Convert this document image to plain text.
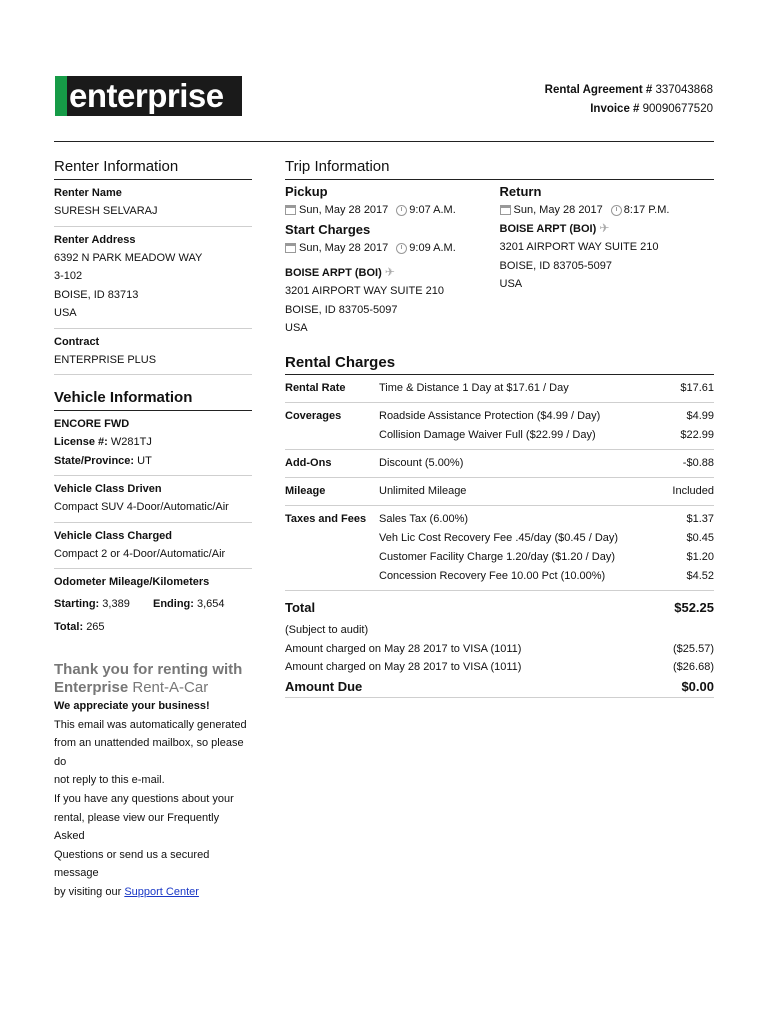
enterprise	Rental Agreement # 337043868
Invoice # 90090677520
Renter Information
Renter Name
SURESH SELVARAJ
Renter Address
6392 N PARK MEADOW WAY
3-102
BOISE, ID 83713
USA
Contract
ENTERPRISE PLUS
Vehicle Information
ENCORE FWD
License #: W281TJ
State/Province: UT
Vehicle Class Driven
Compact SUV 4-Door/Automatic/Air
Vehicle Class Charged
Compact 2 or 4-Door/Automatic/Air
Odometer Mileage/Kilometers
Starting: 3,389	Ending: 3,654
Total: 265
Thank you for renting with
Enterprise Rent-A-Car
We appreciate your business!
This email was automatically generated
from an unattended mailbox, so please do
not reply to this e-mail.
If you have any questions about your
rental, please view our Frequently Asked
Questions or send us a secured message
by visiting our Support Center
Trip Information
Pickup
Sun, May 28 2017 9:07 A.M.
Start Charges
Sun, May 28 2017 9:09 A.M.
BOISE ARPT (BOI) ✈
3201 AIRPORT WAY SUITE 210
BOISE, ID 83705-5097
USA
Return
Sun, May 28 2017 8:17 P.M.
BOISE ARPT (BOI) ✈
3201 AIRPORT WAY SUITE 210
BOISE, ID 83705-5097
USA
Rental Charges
Rental Rate	Time & Distance 1 Day at $17.61 / Day	$17.61
Coverages	Roadside Assistance Protection ($4.99 / Day)	$4.99
Collision Damage Waiver Full ($22.99 / Day)	$22.99
Add-Ons	Discount (5.00%)	-$0.88
Mileage	Unlimited Mileage	Included
Taxes and Fees	Sales Tax (6.00%)	$1.37
Veh Lic Cost Recovery Fee .45/day ($0.45 / Day)	$0.45
Customer Facility Charge 1.20/day ($1.20 / Day)	$1.20
Concession Recovery Fee 10.00 Pct (10.00%)	$4.52
Total	$52.25
(Subject to audit)
Amount charged on May 28 2017 to VISA (1011)	($25.57)
Amount charged on May 28 2017 to VISA (1011)	($26.68)
Amount Due	$0.00
